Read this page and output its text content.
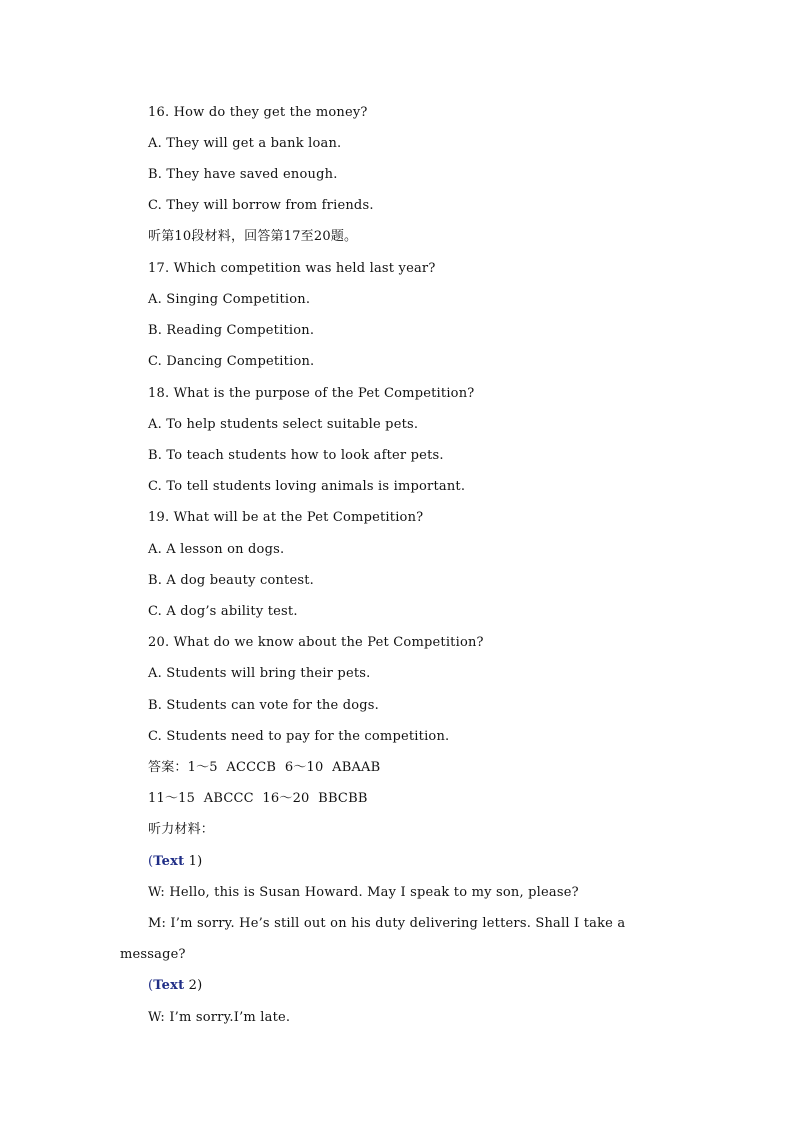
16. How do they get the money?
A. They will get a bank loan.
B. They have saved enough.
C. They will borrow from friends.
听第10段材料，回答第17至20题。
17. Which competition was held last year?
A. Singing Competition.
B. Reading Competition.
C. Dancing Competition.
18. What is the purpose of the Pet Competition?
A. To help students select suitable pets.
B. To teach students how to look after pets.
C. To tell students loving animals is important.
19. What will be at the Pet Competition?
A. A lesson on dogs.
B. A dog beauty contest.
C. A dog’s ability test.
20. What do we know about the Pet Competition?
A. Students will bring their pets.
B. Students can vote for the dogs.
C. Students need to pay for the competition.
答案：1～5  ACCCB  6～10  ABAAB
11～15  ABCCC  16～20  BBCBB
听力材料：
(Text 1)
W: Hello, this is Susan Howard. May I speak to my son, please?
M: I’m sorry. He’s still out on his duty delivering letters. Shall I take a
message?
(Text 2)
W: I’m sorry.I’m late.
